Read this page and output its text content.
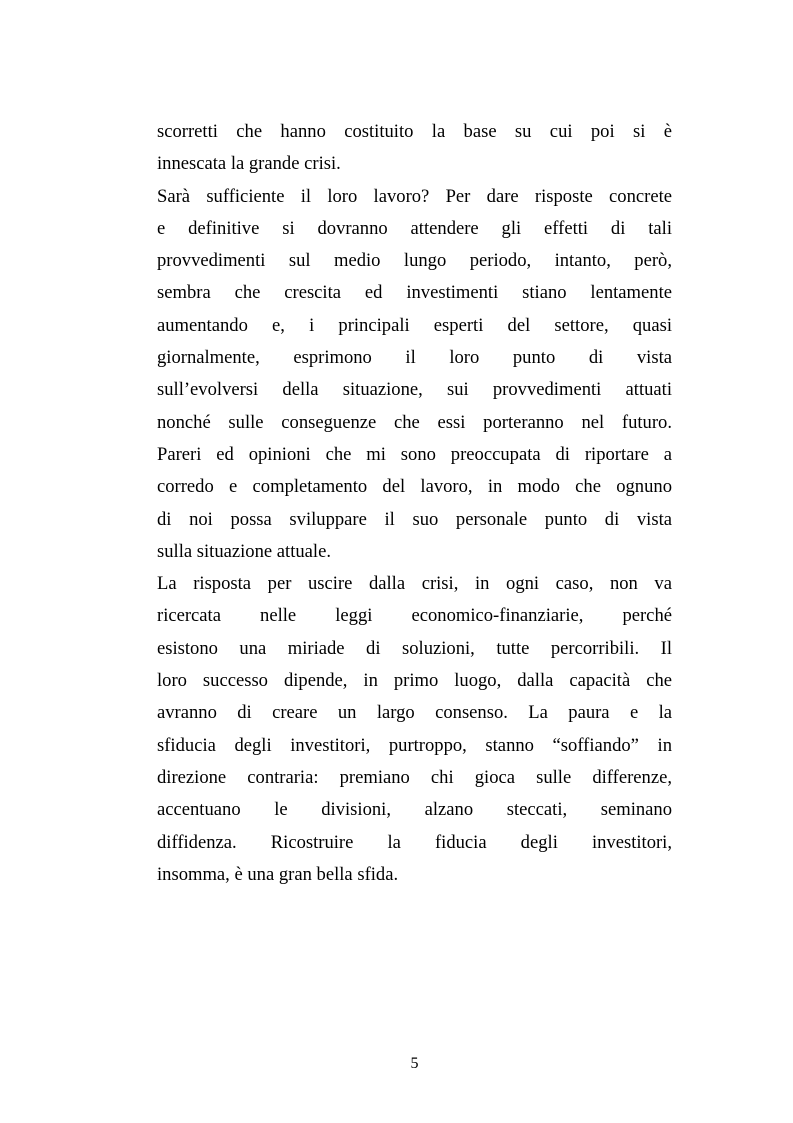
scorretti che hanno costituito la base su cui poi si è
innescata la grande crisi.
Sarà sufficiente il loro lavoro? Per dare risposte concrete
e definitive si dovranno attendere gli effetti di tali
provvedimenti sul medio lungo periodo, intanto, però,
sembra che crescita ed investimenti stiano lentamente
aumentando e, i principali esperti del settore, quasi
giornalmente, esprimono il loro punto di vista
sull’evolversi della situazione, sui provvedimenti attuati
nonché sulle conseguenze che essi porteranno nel futuro.
Pareri ed opinioni che mi sono preoccupata di riportare a
corredo e completamento del lavoro, in modo che ognuno
di noi possa sviluppare il suo personale punto di vista
sulla situazione attuale.
La risposta per uscire dalla crisi, in ogni caso, non va
ricercata nelle leggi economico-finanziarie, perché
esistono una miriade di soluzioni, tutte percorribili. Il
loro successo dipende, in primo luogo, dalla capacità che
avranno di creare un largo consenso. La paura e la
sfiducia degli investitori, purtroppo, stanno “soffiando” in
direzione contraria: premiano chi gioca sulle differenze,
accentuano le divisioni, alzano steccati, seminano
diffidenza. Ricostruire la fiducia degli investitori,
insomma, è una gran bella sfida.
5
